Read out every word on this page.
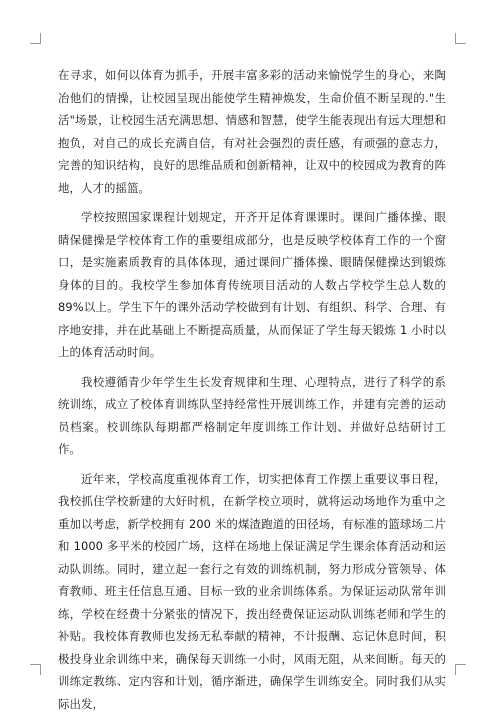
在寻求，如何以体育为抓手，开展丰富多彩的活动来愉悦学生的身心，来陶冶他们的情操，让校园呈现出能使学生精神焕发，生命价值不断呈现的."生活"场景，让校园生活充满思想、情感和智慧，使学生能表现出有远大理想和抱负，对自己的成长充满自信，有对社会强烈的责任感，有顽强的意志力，完善的知识结构，良好的思维品质和创新精神，让双中的校园成为教育的阵地，人才的摇篮。

学校按照国家课程计划规定，开齐开足体育课课时。课间广播体操、眼睛保健操是学校体育工作的重要组成部分，也是反映学校体育工作的一个窗口，是实施素质教育的具体体现，通过课间广播体操、眼睛保健操达到锻炼身体的目的。我校学生参加体育传统项目活动的人数占学校学生总人数的 89%以上。学生下午的课外活动学校做到有计划、有组织、科学、合理、有序地安排，并在此基础上不断提高质量，从而保证了学生每天锻炼 1 小时以上的体育活动时间。

我校遵循青少年学生生长发育规律和生理、心理特点，进行了科学的系统训练，成立了校体育训练队坚持经常性开展训练工作，并建有完善的运动员档案。校训练队每期都严格制定年度训练工作计划、并做好总结研讨工作。

近年来，学校高度重视体育工作，切实把体育工作摆上重要议事日程，我校抓住学校新建的大好时机，在新学校立项时，就将运动场地作为重中之重加以考虑，新学校拥有 200 米的煤渣跑道的田径场，有标准的篮球场二片和 1000 多平米的校园广场，这样在场地上保证满足学生课余体育活动和运动队训练。同时，建立起一套行之有效的训练机制，努力形成分管领导、体育教师、班主任信息互通、目标一致的业余训练体系。为保证运动队常年训练，学校在经费十分紧张的情况下，拨出经费保证运动队训练老师和学生的补贴。我校体育教师也发扬无私奉献的精神，不计报酬、忘记休息时间，积极投身业余训练中来，确保每天训练一小时，风雨无阻，从来间断。每天的训练定教练、定内容和计划，循序渐进，确保学生训练安全。同时我们从实际出发，
